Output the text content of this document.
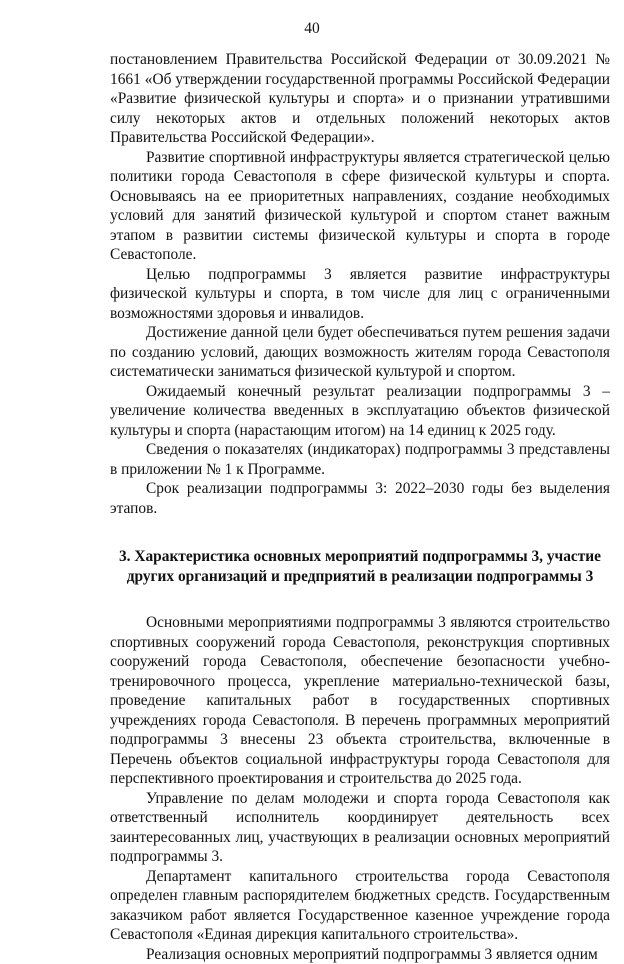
40

постановлением Правительства Российской Федерации от 30.09.2021 № 1661 «Об утверждении государственной программы Российской Федерации «Развитие физической культуры и спорта» и о признании утратившими силу некоторых актов и отдельных положений некоторых актов Правительства Российской Федерации».

Развитие спортивной инфраструктуры является стратегической целью политики города Севастополя в сфере физической культуры и спорта. Основываясь на ее приоритетных направлениях, создание необходимых условий для занятий физической культурой и спортом станет важным этапом в развитии системы физической культуры и спорта в городе Севастополе.

Целью подпрограммы 3 является развитие инфраструктуры физической культуры и спорта, в том числе для лиц с ограниченными возможностями здоровья и инвалидов.

Достижение данной цели будет обеспечиваться путем решения задачи по созданию условий, дающих возможность жителям города Севастополя систематически заниматься физической культурой и спортом.

Ожидаемый конечный результат реализации подпрограммы 3 – увеличение количества введенных в эксплуатацию объектов физической культуры и спорта (нарастающим итогом) на 14 единиц к 2025 году.

Сведения о показателях (индикаторах) подпрограммы 3 представлены в приложении № 1 к Программе.

Срок реализации подпрограммы 3: 2022–2030 годы без выделения этапов.

3. Характеристика основных мероприятий подпрограммы 3, участие других организаций и предприятий в реализации подпрограммы 3

Основными мероприятиями подпрограммы 3 являются строительство спортивных сооружений города Севастополя, реконструкция спортивных сооружений города Севастополя, обеспечение безопасности учебно-тренировочного процесса, укрепление материально-технической базы, проведение капитальных работ в государственных спортивных учреждениях города Севастополя. В перечень программных мероприятий подпрограммы 3 внесены 23 объекта строительства, включенные в Перечень объектов социальной инфраструктуры города Севастополя для перспективного проектирования и строительства до 2025 года.

Управление по делам молодежи и спорта города Севастополя как ответственный исполнитель координирует деятельность всех заинтересованных лиц, участвующих в реализации основных мероприятий подпрограммы 3.

Департамент капитального строительства города Севастополя определен главным распорядителем бюджетных средств. Государственным заказчиком работ является Государственное казенное учреждение города Севастополя «Единая дирекция капитального строительства».

Реализация основных мероприятий подпрограммы 3 является одним
